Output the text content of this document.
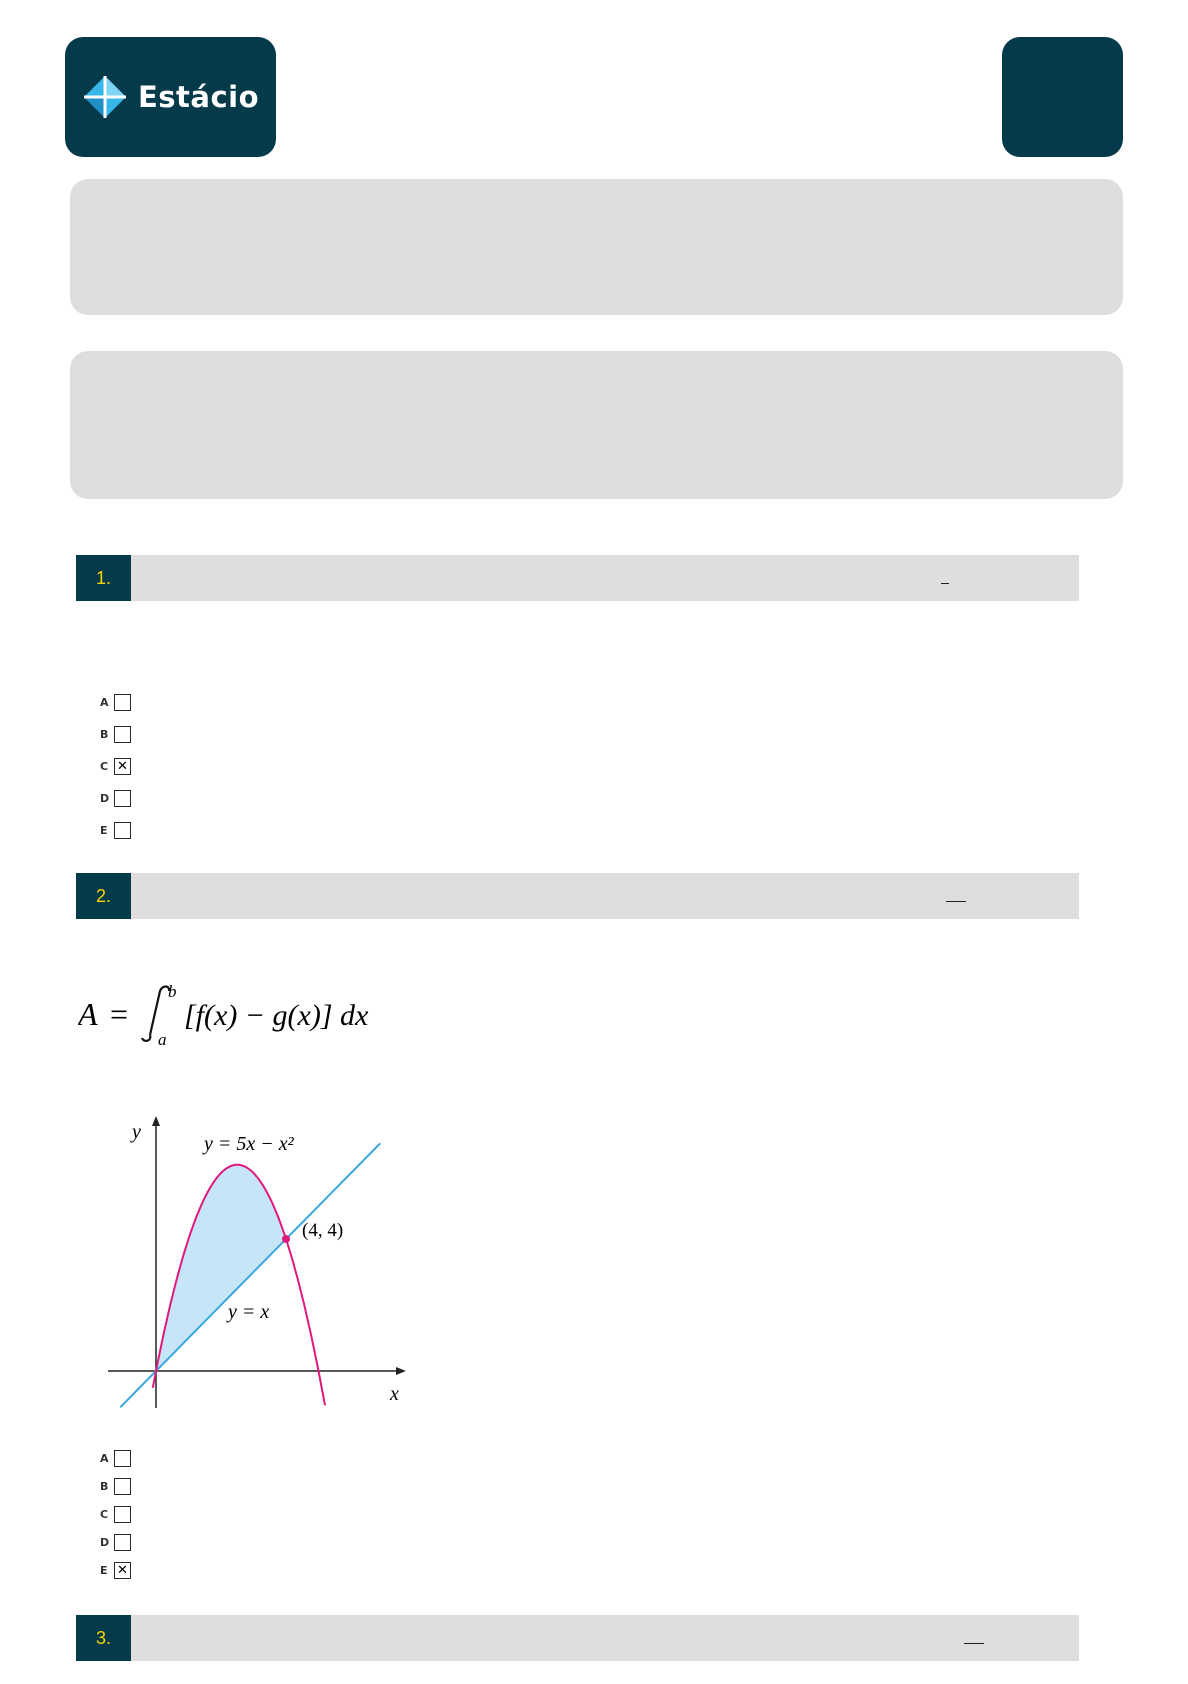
Estácio
1.
A
B
C ✕
D
E
2.
A =
b
a
[f(x) − g(x)] dx
y
x
y = 5x − x²
y = x
(4, 4)
A
B
C
D
E ✕
3.
